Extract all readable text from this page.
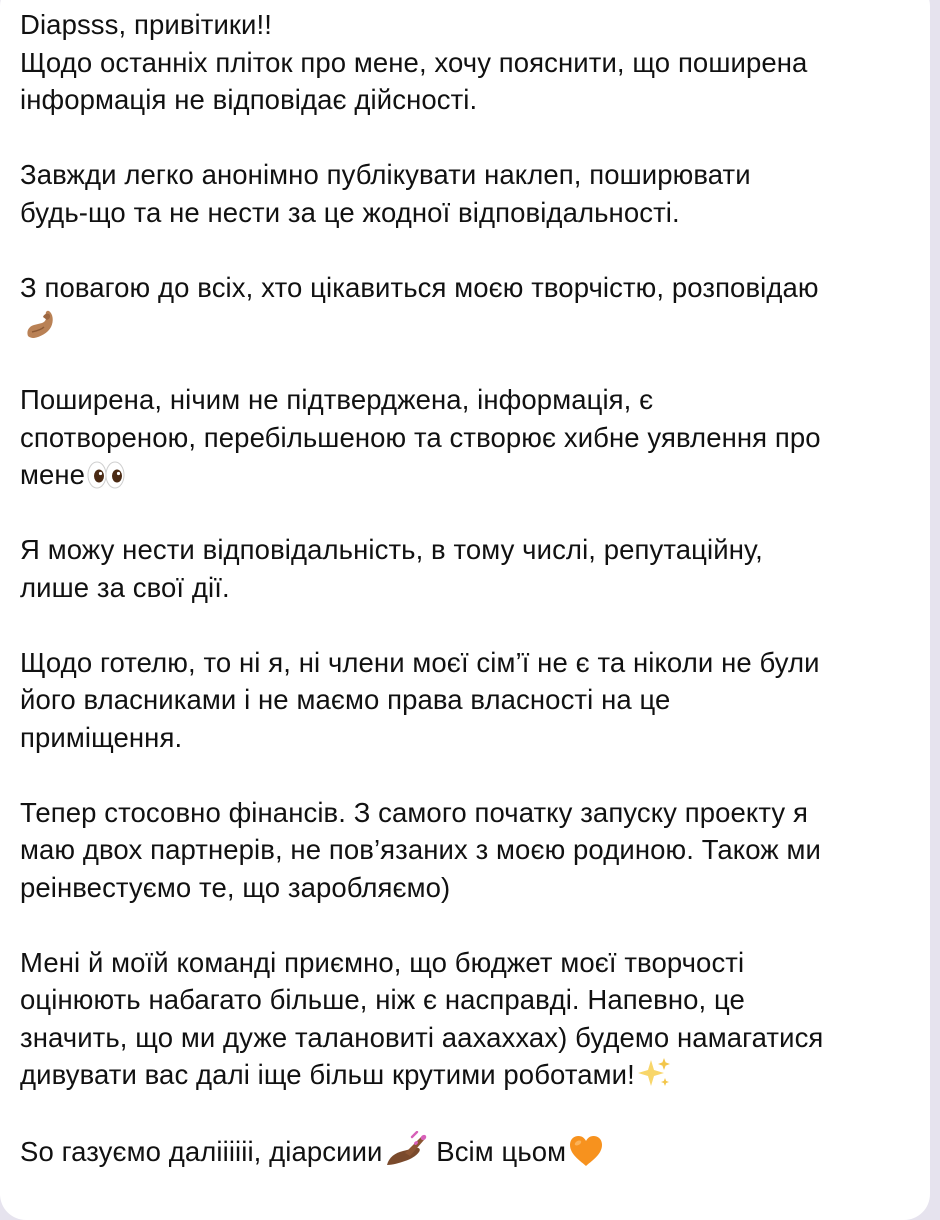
Diapsss, привітики!!
Щодо останніх пліток про мене, хочу пояснити, що поширена
інформація не відповідає дійсності.
Завжди легко анонімно публікувати наклеп, поширювати
будь-що та не нести за це жодної відповідальності.
З повагою до всіх, хто цікавиться моєю творчістю, розповідаю
Поширена, нічим не підтверджена, інформація, є
спотвореною, перебільшеною та створює хибне уявлення про
мене
Я можу нести відповідальність, в тому числі, репутаційну,
лише за свої дії.
Щодо готелю, то ні я, ні члени моєї сім’ї не є та ніколи не були
його власниками і не маємо права власності на це
приміщення.
Тепер стосовно фінансів. З самого початку запуску проекту я
маю двох партнерів, не пов’язаних з моєю родиною. Також ми
реінвестуємо те, що заробляємо)
Мені й моїй команді приємно, що бюджет моєї творчості
оцінюють набагато більше, ніж є насправді. Напевно, це
значить, що ми дуже талановиті аахаххах) будемо намагатися
дивувати вас далі іще більш крутими роботами!
So газуємо даліііііі, діарсиии Всім цьом
